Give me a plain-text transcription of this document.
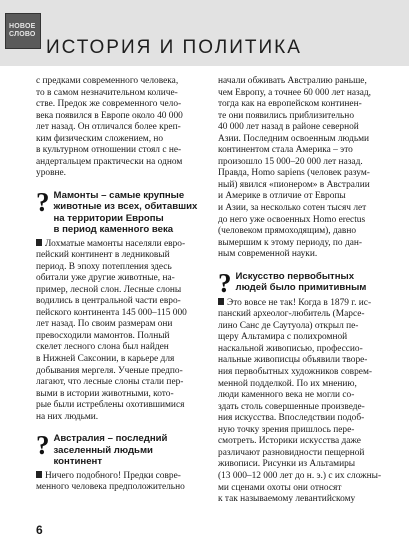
НОВОЕ
СЛОВО
ИСТОРИЯ И ПОЛИТИКА

с предками современного человека,
то в самом незначительном количе-
стве. Предок же современного чело-
века появился в Европе около 40 000
лет назад. Он отличался более креп-
ким физическим сложением, но
в культурном отношении стоял с не-
андертальцем практически на одном
уровне.

? Мамонты – самые крупные
животные из всех, обитавших
на территории Европы
в период каменного века

Лохматые мамонты населяли евро-
пейский континент в ледниковый
период. В эпоху потепления здесь
обитали уже другие животные, на-
пример, лесной слон. Лесные слоны
водились в центральной части евро-
пейского континента 145 000–115 000
лет назад. По своим размерам они
превосходили мамонтов. Полный
скелет лесного слона был найден
в Нижней Саксонии, в карьере для
добывания мергеля. Ученые предпо-
лагают, что лесные слоны стали пер-
выми в истории животными, кото-
рые были истреблены охотившимися
на них людьми.

? Австралия – последний
заселенный людьми
континент

Ничего подобного! Предки совре-
менного человека предположительно

начали обживать Австралию раньше,
чем Европу, а точнее 60 000 лет назад,
тогда как на европейском континен-
те они появились приблизительно
40 000 лет назад в районе северной
Азии. Последним освоенным людьми
континентом стала Америка – это
произошло 15 000–20 000 лет назад.
Правда, Homo sapiens (человек разум-
ный) явился «пионером» в Австралии
и Америке в отличие от Европы
и Азии, за несколько сотен тысяч лет
до него уже освоенных Homo erectus
(человеком прямоходящим), давно
вымершим к этому периоду, по дан-
ным современной науки.

? Искусство первобытных
людей было примитивным

Это вовсе не так! Когда в 1879 г. ис-
панский археолог-любитель (Марсе-
лино Санс де Саутуола) открыл пе-
щеру Альтамира с полихромной
наскальной живописью, профессио-
нальные живописцы объявили творе-
ния первобытных художников соврем-
менной подделкой. По их мнению,
люди каменного века не могли со-
здать столь совершенные произведе-
ния искусства. Впоследствии подоб-
ную точку зрения пришлось пере-
смотреть. Историки искусства даже
различают разновидности пещерной
живописи. Рисунки из Альтамиры
(13 000–12 000 лет до н. э.) с их сложны-
ми сценами охоты они относят
к так называемому левантийскому

6
